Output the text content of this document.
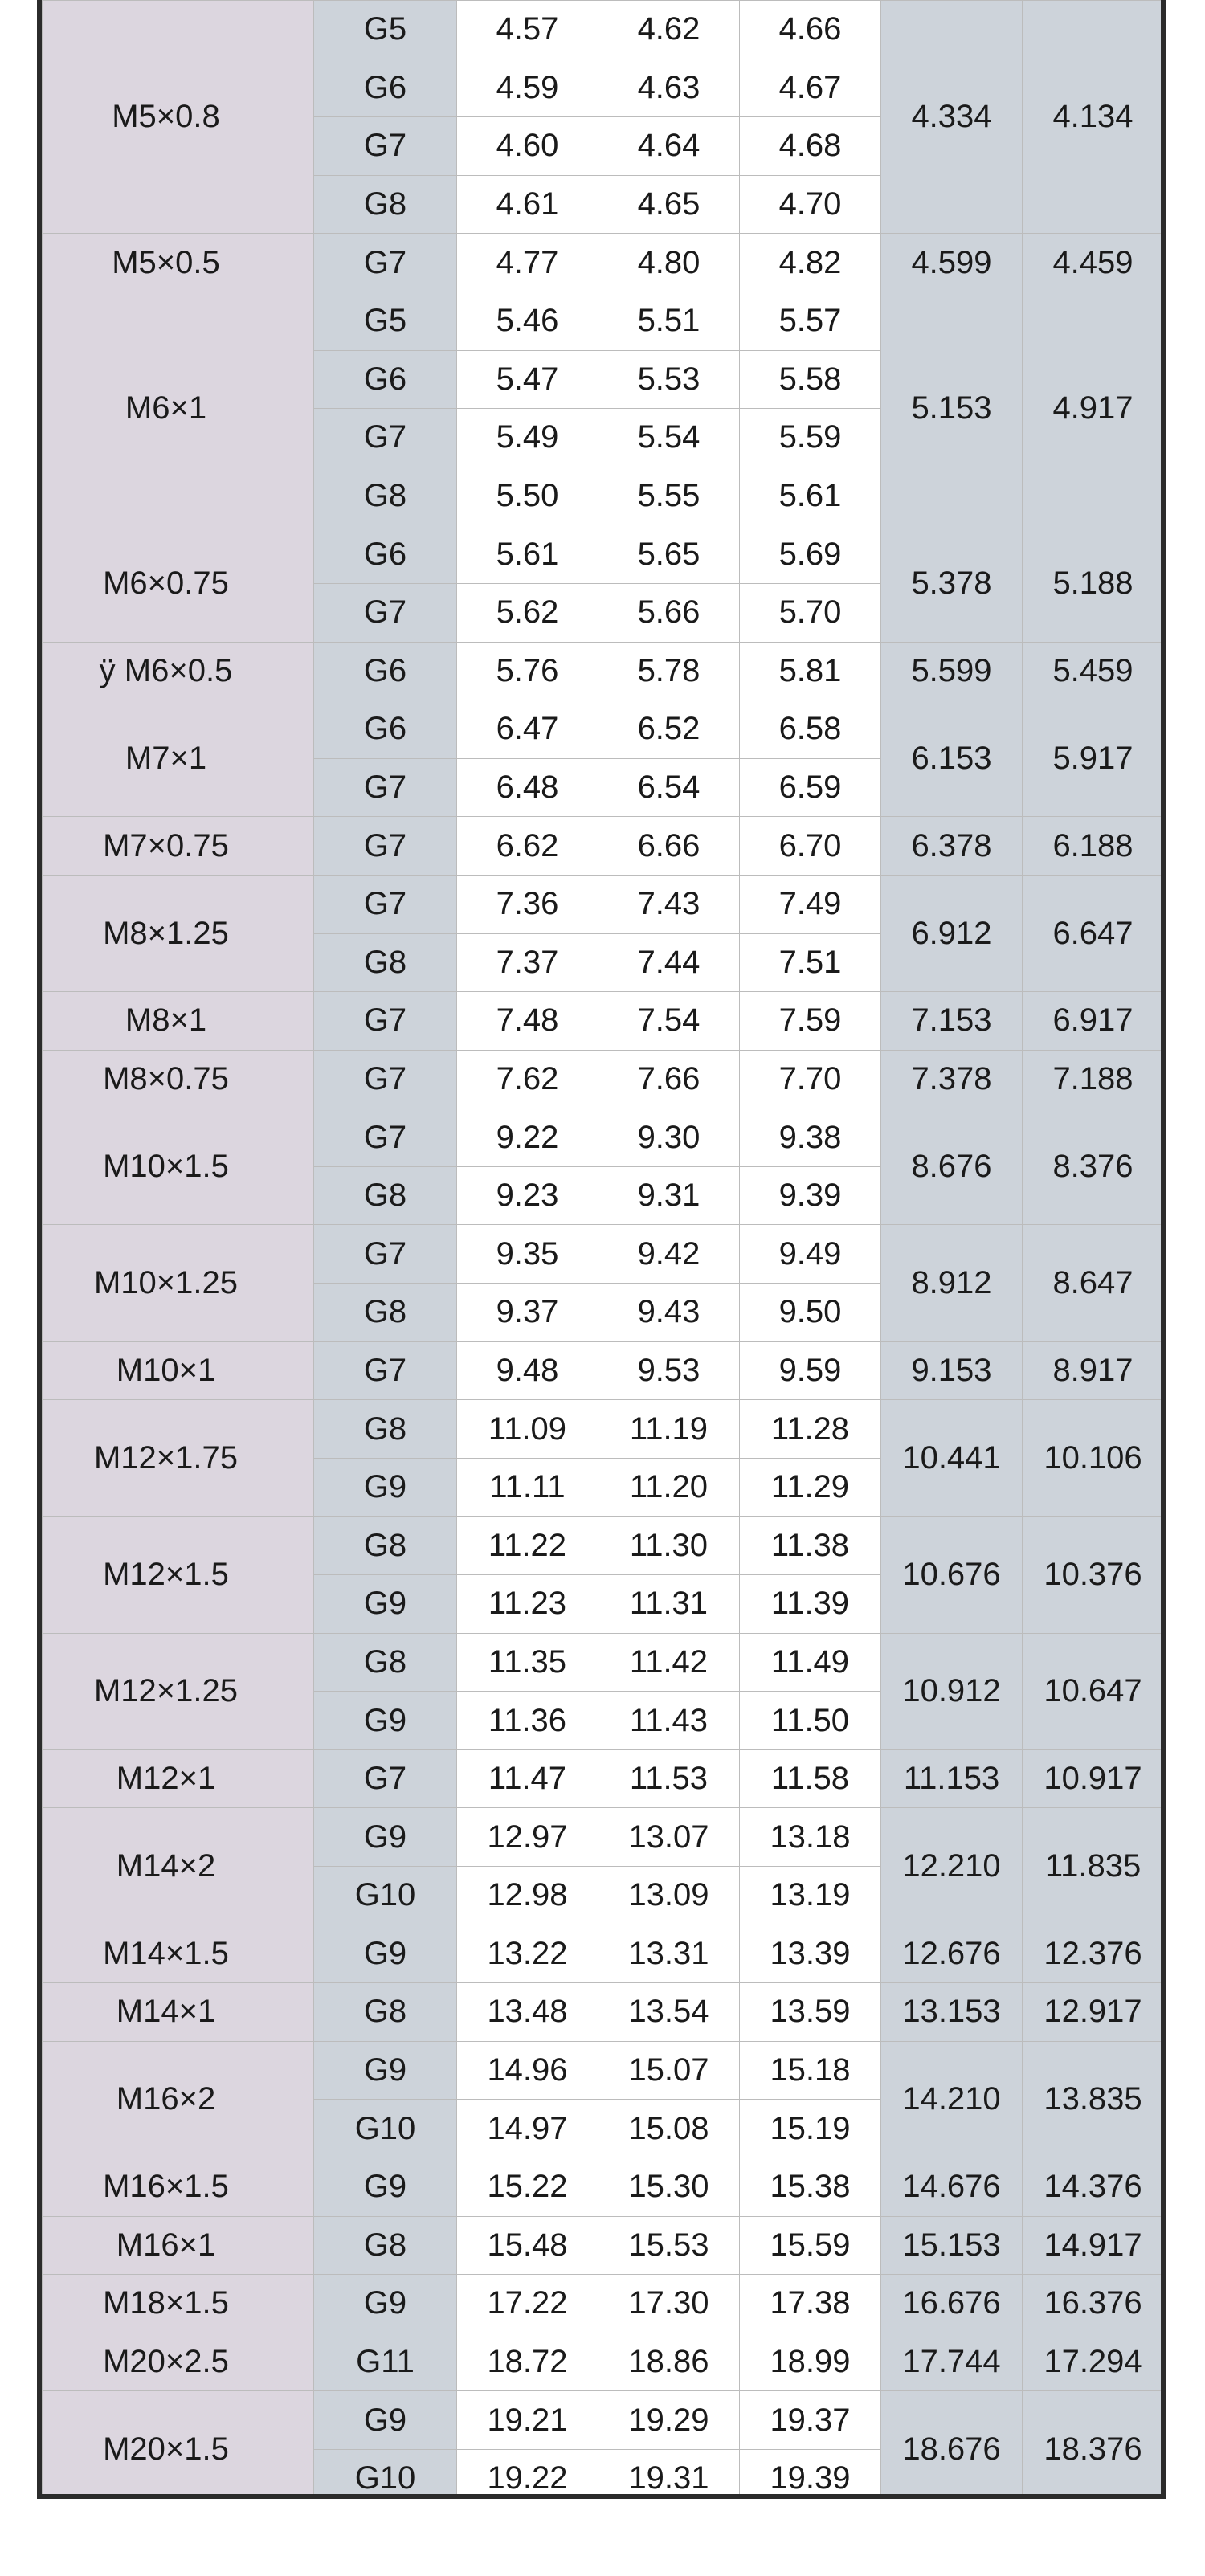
M5×0.8	G5	4.57	4.62	4.66	4.334	4.134
	G6	4.59	4.63	4.67		
	G7	4.60	4.64	4.68		
	G8	4.61	4.65	4.70		
M5×0.5	G7	4.77	4.80	4.82	4.599	4.459
M6×1	G5	5.46	5.51	5.57	5.153	4.917
	G6	5.47	5.53	5.58		
	G7	5.49	5.54	5.59		
	G8	5.50	5.55	5.61		
M6×0.75	G6	5.61	5.65	5.69	5.378	5.188
	G7	5.62	5.66	5.70		
ÿ M6×0.5	G6	5.76	5.78	5.81	5.599	5.459
M7×1	G6	6.47	6.52	6.58	6.153	5.917
	G7	6.48	6.54	6.59		
M7×0.75	G7	6.62	6.66	6.70	6.378	6.188
M8×1.25	G7	7.36	7.43	7.49	6.912	6.647
	G8	7.37	7.44	7.51		
M8×1	G7	7.48	7.54	7.59	7.153	6.917
M8×0.75	G7	7.62	7.66	7.70	7.378	7.188
M10×1.5	G7	9.22	9.30	9.38	8.676	8.376
	G8	9.23	9.31	9.39		
M10×1.25	G7	9.35	9.42	9.49	8.912	8.647
	G8	9.37	9.43	9.50		
M10×1	G7	9.48	9.53	9.59	9.153	8.917
M12×1.75	G8	11.09	11.19	11.28	10.441	10.106
	G9	11.11	11.20	11.29		
M12×1.5	G8	11.22	11.30	11.38	10.676	10.376
	G9	11.23	11.31	11.39		
M12×1.25	G8	11.35	11.42	11.49	10.912	10.647
	G9	11.36	11.43	11.50		
M12×1	G7	11.47	11.53	11.58	11.153	10.917
M14×2	G9	12.97	13.07	13.18	12.210	11.835
	G10	12.98	13.09	13.19		
M14×1.5	G9	13.22	13.31	13.39	12.676	12.376
M14×1	G8	13.48	13.54	13.59	13.153	12.917
M16×2	G9	14.96	15.07	15.18	14.210	13.835
	G10	14.97	15.08	15.19		
M16×1.5	G9	15.22	15.30	15.38	14.676	14.376
M16×1	G8	15.48	15.53	15.59	15.153	14.917
M18×1.5	G9	17.22	17.30	17.38	16.676	16.376
M20×2.5	G11	18.72	18.86	18.99	17.744	17.294
M20×1.5	G9	19.21	19.29	19.37	18.676	18.376
	G10	19.22	19.31	19.39		
